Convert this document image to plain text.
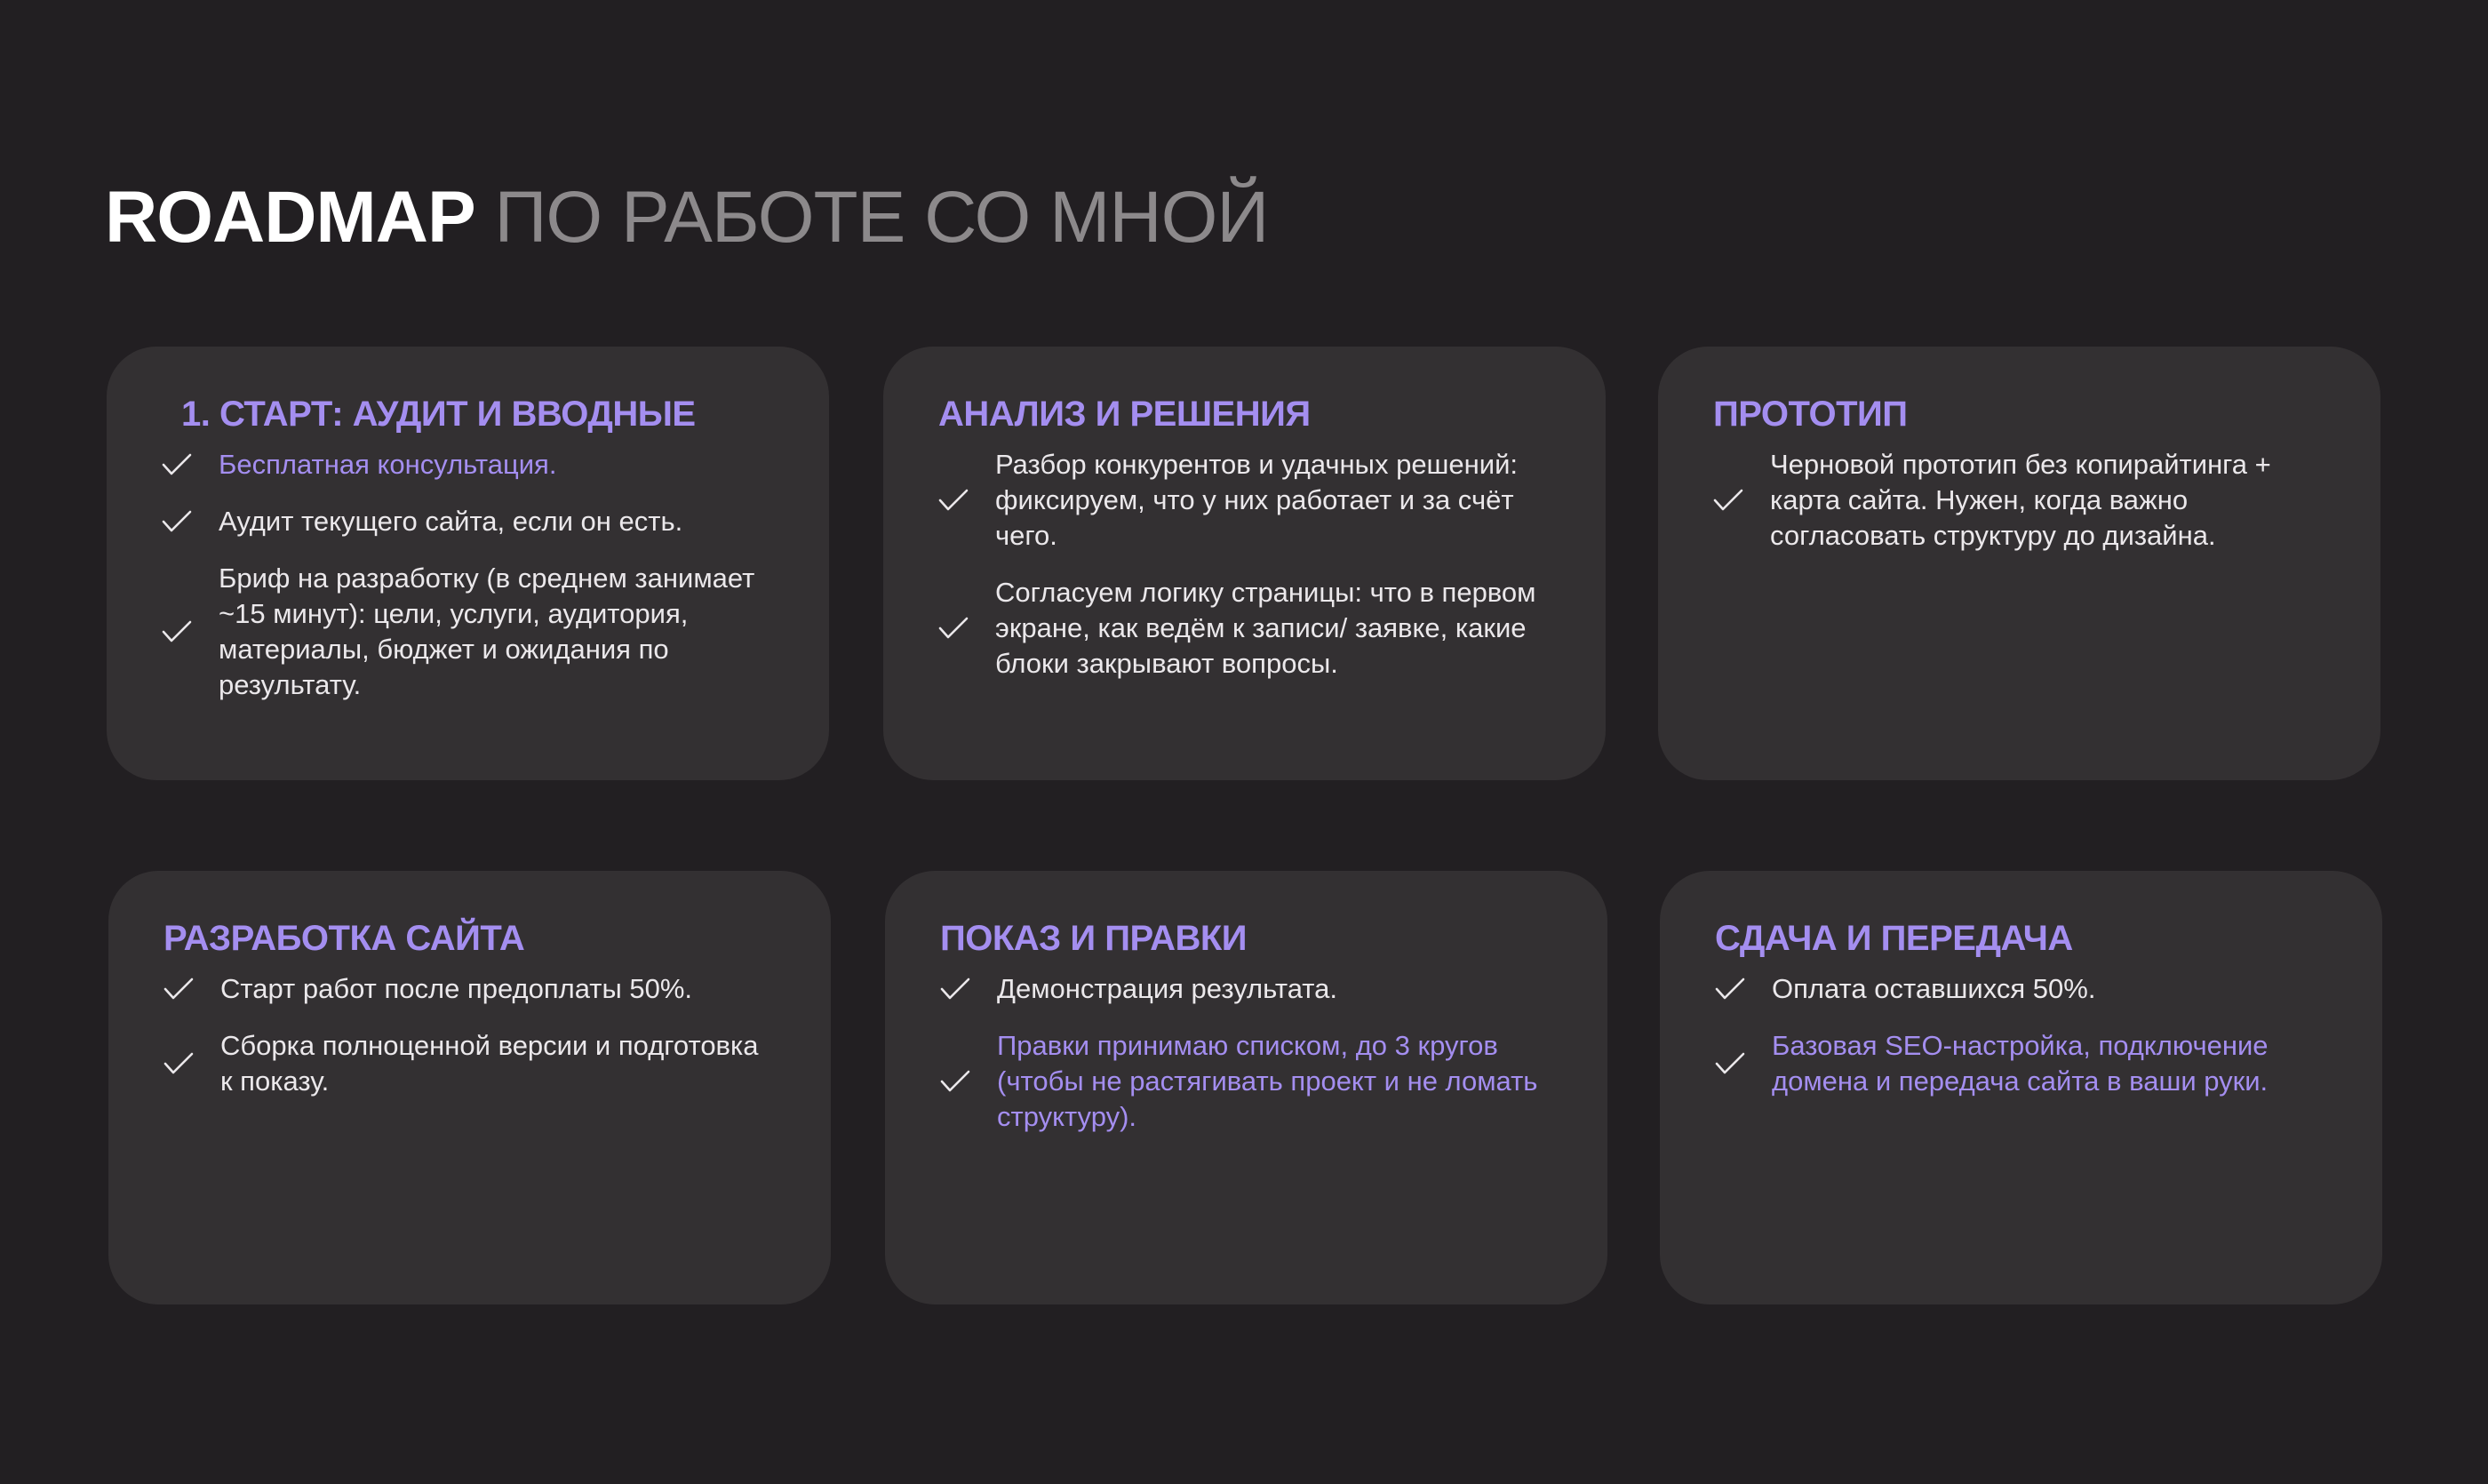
ROADMAP ПО РАБОТЕ СО МНОЙ
1. СТАРТ: АУДИТ И ВВОДНЫЕ
Бесплатная консультация.
Аудит текущего сайта, если он есть.
Бриф на разработку (в среднем занимает ~15 минут): цели, услуги, аудитория, материалы, бюджет и ожидания по результату.
АНАЛИЗ И РЕШЕНИЯ
Разбор конкурентов и удачных решений: фиксируем, что у них работает и за счёт чего.
Согласуем логику страницы: что в первом экране, как ведём к записи/ заявке, какие блоки закрывают вопросы.
ПРОТОТИП
Черновой прототип без копирайтинга + карта сайта. Нужен, когда важно согласовать структуру до дизайна.
РАЗРАБОТКА САЙТА
Старт работ после предоплаты 50%.
Сборка полноценной версии и подготовка к показу.
ПОКАЗ И ПРАВКИ
Демонстрация результата.
Правки принимаю списком, до 3 кругов (чтобы не растягивать проект и не ломать структуру).
СДАЧА И ПЕРЕДАЧА
Оплата оставшихся 50%.
Базовая SEO-настройка, подключение домена и передача сайта в ваши руки.
